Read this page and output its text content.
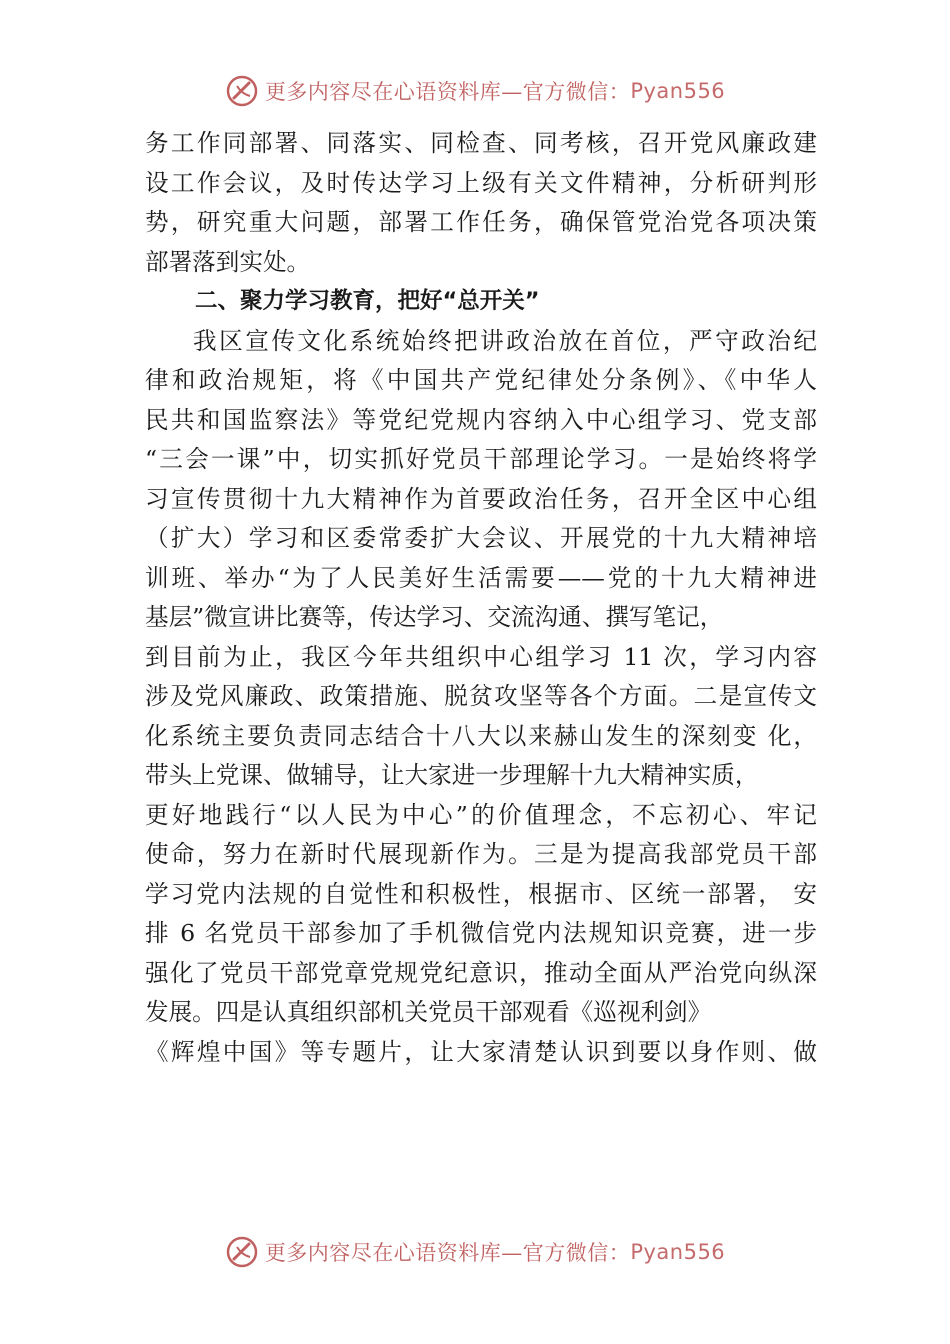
更多内容尽在心语资料库—官方微信： Pyan556
务工作同部署、同落实、同检查、同考核，召开党风廉政建
设工作会议，及时传达学习上级有关文件精神，分析研判形
势，研究重大问题，部署工作任务，确保管党治党各项决策
部署落到实处。
二、聚力学习教育，把好“总开关”
我区宣传文化系统始终把讲政治放在首位，严守政治纪
律和政治规矩，将《中国共产党纪律处分条例》、《中华人
民共和国监察法》等党纪党规内容纳入中心组学习、党支部
“三会一课”中，切实抓好党员干部理论学习。一是始终将学
习宣传贯彻十九大精神作为首要政治任务，召开全区中心组
（扩大）学习和区委常委扩大会议、开展党的十九大精神培
训班、举办“为了人民美好生活需要——党的十九大精神进
基层”微宣讲比赛等，传达学习、交流沟通、撰写笔记，
到目前为止，我区今年共组织中心组学习 11 次，学习内容
涉及党风廉政、政策措施、脱贫攻坚等各个方面。二是宣传文
化系统主要负责同志结合十八大以来赫山发生的深刻变 化，
带头上党课、做辅导，让大家进一步理解十九大精神实质，
更好地践行“以人民为中心”的价值理念，不忘初心、牢记
使命，努力在新时代展现新作为。三是为提高我部党员干部
学习党内法规的自觉性和积极性，根据市、区统一部署， 安
排 6 名党员干部参加了手机微信党内法规知识竞赛，进一步
强化了党员干部党章党规党纪意识，推动全面从严治党向纵深
发展。四是认真组织部机关党员干部观看《巡视利剑》
《辉煌中国》等专题片，让大家清楚认识到要以身作则、做
更多内容尽在心语资料库—官方微信： Pyan556
